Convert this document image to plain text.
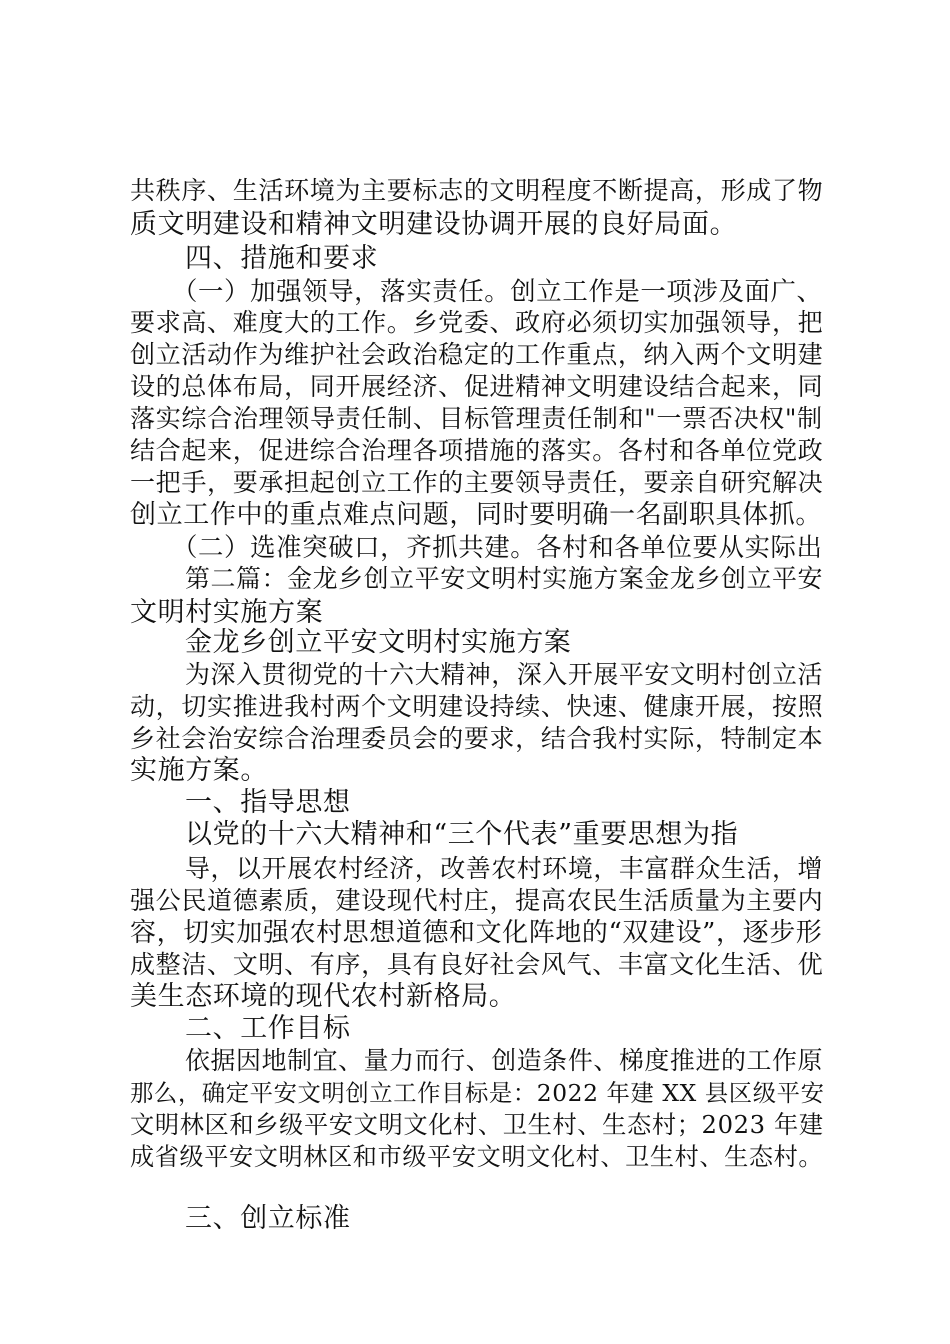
共秩序、生活环境为主要标志的文明程度不断提高，形成了物
质文明建设和精神文明建设协调开展的良好局面。
四、措施和要求
（一）加强领导，落实责任。创立工作是一项涉及面广、
要求高、难度大的工作。乡党委、政府必须切实加强领导，把
创立活动作为维护社会政治稳定的工作重点，纳入两个文明建
设的总体布局，同开展经济、促进精神文明建设结合起来，同
落实综合治理领导责任制、目标管理责任制和"一票否决权"制
结合起来，促进综合治理各项措施的落实。各村和各单位党政
一把手，要承担起创立工作的主要领导责任，要亲自研究解决
创立工作中的重点难点问题，同时要明确一名副职具体抓。
（二）选准突破口，齐抓共建。各村和各单位要从实际出
第二篇：金龙乡创立平安文明村实施方案金龙乡创立平安
文明村实施方案
金龙乡创立平安文明村实施方案
为深入贯彻党的十六大精神，深入开展平安文明村创立活
动，切实推进我村两个文明建设持续、快速、健康开展，按照
乡社会治安综合治理委员会的要求，结合我村实际，特制定本
实施方案。
一、指导思想
以党的十六大精神和“三个代表”重要思想为指
导，以开展农村经济，改善农村环境，丰富群众生活，增
强公民道德素质，建设现代村庄，提高农民生活质量为主要内
容，切实加强农村思想道德和文化阵地的“双建设”，逐步形
成整洁、文明、有序，具有良好社会风气、丰富文化生活、优
美生态环境的现代农村新格局。
二、工作目标
依据因地制宜、量力而行、创造条件、梯度推进的工作原
那么，确定平安文明创立工作目标是：2022 年建 XX 县区级平安
文明林区和乡级平安文明文化村、卫生村、生态村；2023 年建
成省级平安文明林区和市级平安文明文化村、卫生村、生态村。
三、创立标准
